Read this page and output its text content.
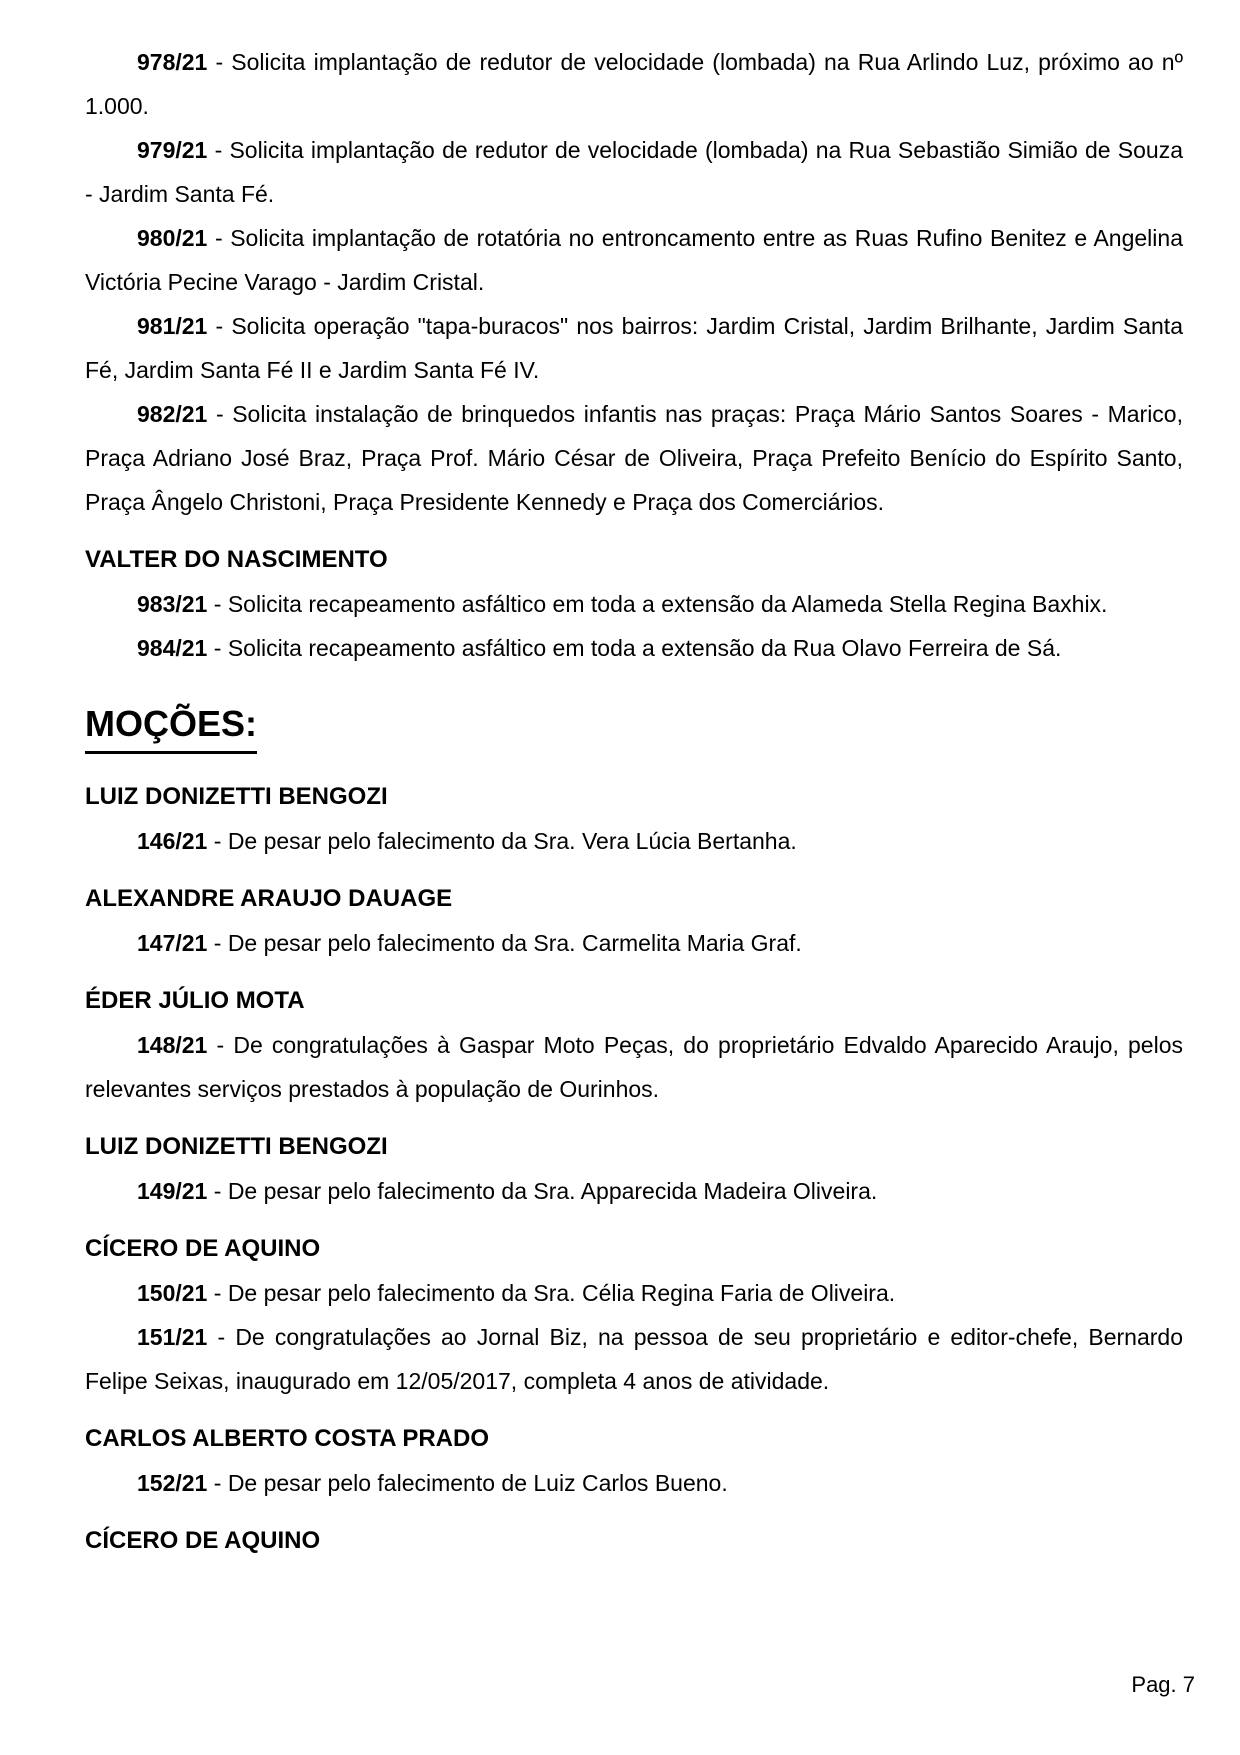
978/21 - Solicita implantação de redutor de velocidade (lombada) na Rua Arlindo Luz, próximo ao nº 1.000.

979/21 - Solicita implantação de redutor de velocidade (lombada) na Rua Sebastião Simião de Souza - Jardim Santa Fé.

980/21 - Solicita implantação de rotatória no entroncamento entre as Ruas Rufino Benitez e Angelina Victória Pecine Varago - Jardim Cristal.

981/21 - Solicita operação "tapa-buracos" nos bairros: Jardim Cristal, Jardim Brilhante, Jardim Santa Fé, Jardim Santa Fé II e Jardim Santa Fé IV.

982/21 - Solicita instalação de brinquedos infantis nas praças: Praça Mário Santos Soares - Marico, Praça Adriano José Braz, Praça Prof. Mário César de Oliveira, Praça Prefeito Benício do Espírito Santo, Praça Ângelo Christoni, Praça Presidente Kennedy e Praça dos Comerciários.

VALTER DO NASCIMENTO

983/21 - Solicita recapeamento asfáltico em toda a extensão da Alameda Stella Regina Baxhix.

984/21 - Solicita recapeamento asfáltico em toda a extensão da Rua Olavo Ferreira de Sá.

MOÇÕES:
LUIZ DONIZETTI BENGOZI

146/21 - De pesar pelo falecimento da Sra. Vera Lúcia Bertanha.

ALEXANDRE ARAUJO DAUAGE

147/21 - De pesar pelo falecimento da Sra. Carmelita Maria Graf.

ÉDER JÚLIO MOTA

148/21 - De congratulações à Gaspar Moto Peças, do proprietário Edvaldo Aparecido Araujo, pelos relevantes serviços prestados à população de Ourinhos.

LUIZ DONIZETTI BENGOZI

149/21 - De pesar pelo falecimento da Sra. Apparecida Madeira Oliveira.

CÍCERO DE AQUINO

150/21 - De pesar pelo falecimento da Sra. Célia Regina Faria de Oliveira.

151/21 - De congratulações ao Jornal Biz, na pessoa de seu proprietário e editor-chefe, Bernardo Felipe Seixas, inaugurado em 12/05/2017, completa 4 anos de atividade.

CARLOS ALBERTO COSTA PRADO

152/21 - De pesar pelo falecimento de Luiz Carlos Bueno.

CÍCERO DE AQUINO
Pag. 7
